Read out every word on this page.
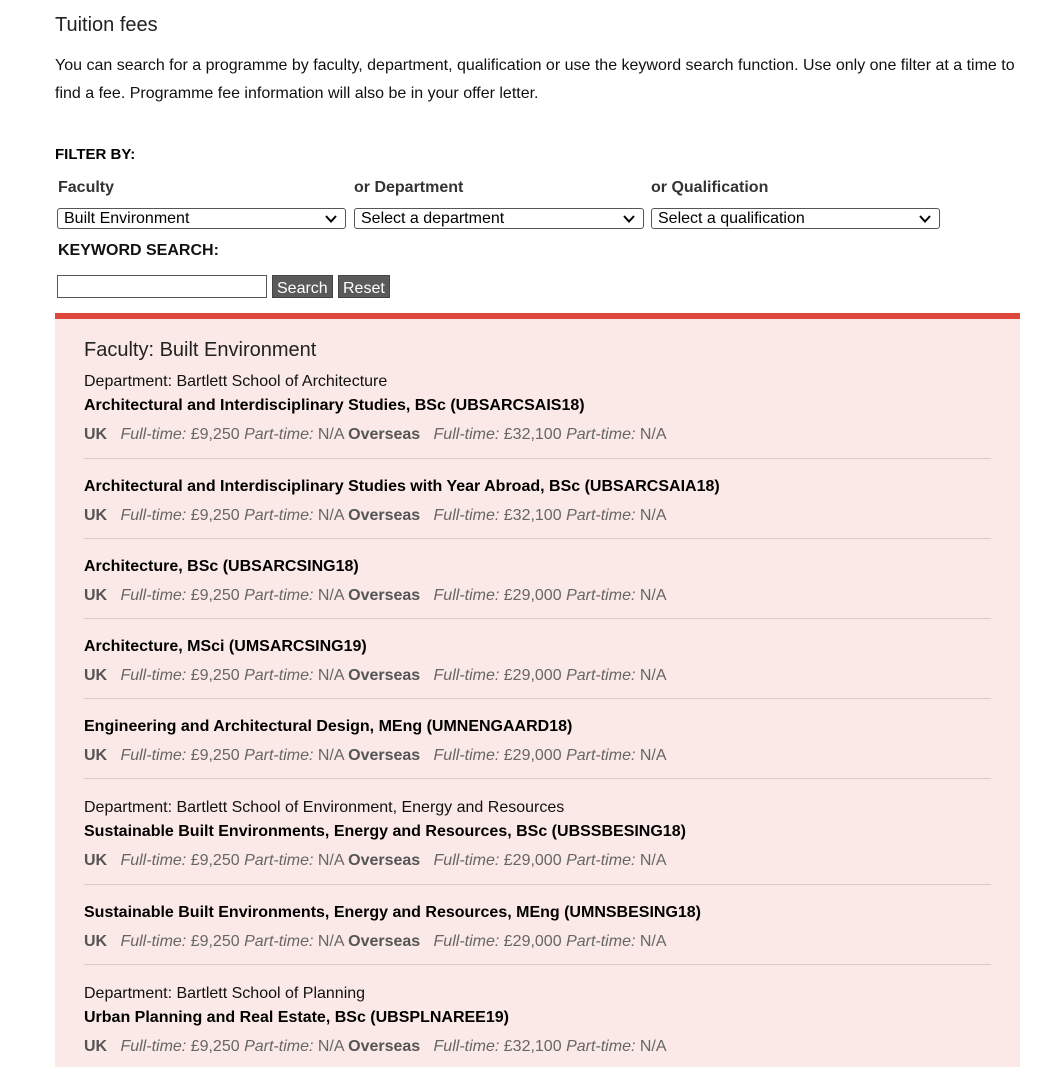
Tuition fees
You can search for a programme by faculty, department, qualification or use the keyword search function. Use only one filter at a time to find a fee. Programme fee information will also be in your offer letter.
FILTER BY:
Faculty	or Department	or Qualification
Built Environment	Select a department	Select a qualification
KEYWORD SEARCH:
Search Reset
Faculty: Built Environment
Department: Bartlett School of Architecture
Architectural and Interdisciplinary Studies, BSc (UBSARCSAIS18)
UK Full-time: £9,250 Part-time: N/A Overseas Full-time: £32,100 Part-time: N/A
Architectural and Interdisciplinary Studies with Year Abroad, BSc (UBSARCSAIA18)
UK Full-time: £9,250 Part-time: N/A Overseas Full-time: £32,100 Part-time: N/A
Architecture, BSc (UBSARCSING18)
UK Full-time: £9,250 Part-time: N/A Overseas Full-time: £29,000 Part-time: N/A
Architecture, MSci (UMSARCSING19)
UK Full-time: £9,250 Part-time: N/A Overseas Full-time: £29,000 Part-time: N/A
Engineering and Architectural Design, MEng (UMNENGAARD18)
UK Full-time: £9,250 Part-time: N/A Overseas Full-time: £29,000 Part-time: N/A
Department: Bartlett School of Environment, Energy and Resources
Sustainable Built Environments, Energy and Resources, BSc (UBSSBESING18)
UK Full-time: £9,250 Part-time: N/A Overseas Full-time: £29,000 Part-time: N/A
Sustainable Built Environments, Energy and Resources, MEng (UMNSBESING18)
UK Full-time: £9,250 Part-time: N/A Overseas Full-time: £29,000 Part-time: N/A
Department: Bartlett School of Planning
Urban Planning and Real Estate, BSc (UBSPLNAREE19)
UK Full-time: £9,250 Part-time: N/A Overseas Full-time: £32,100 Part-time: N/A
